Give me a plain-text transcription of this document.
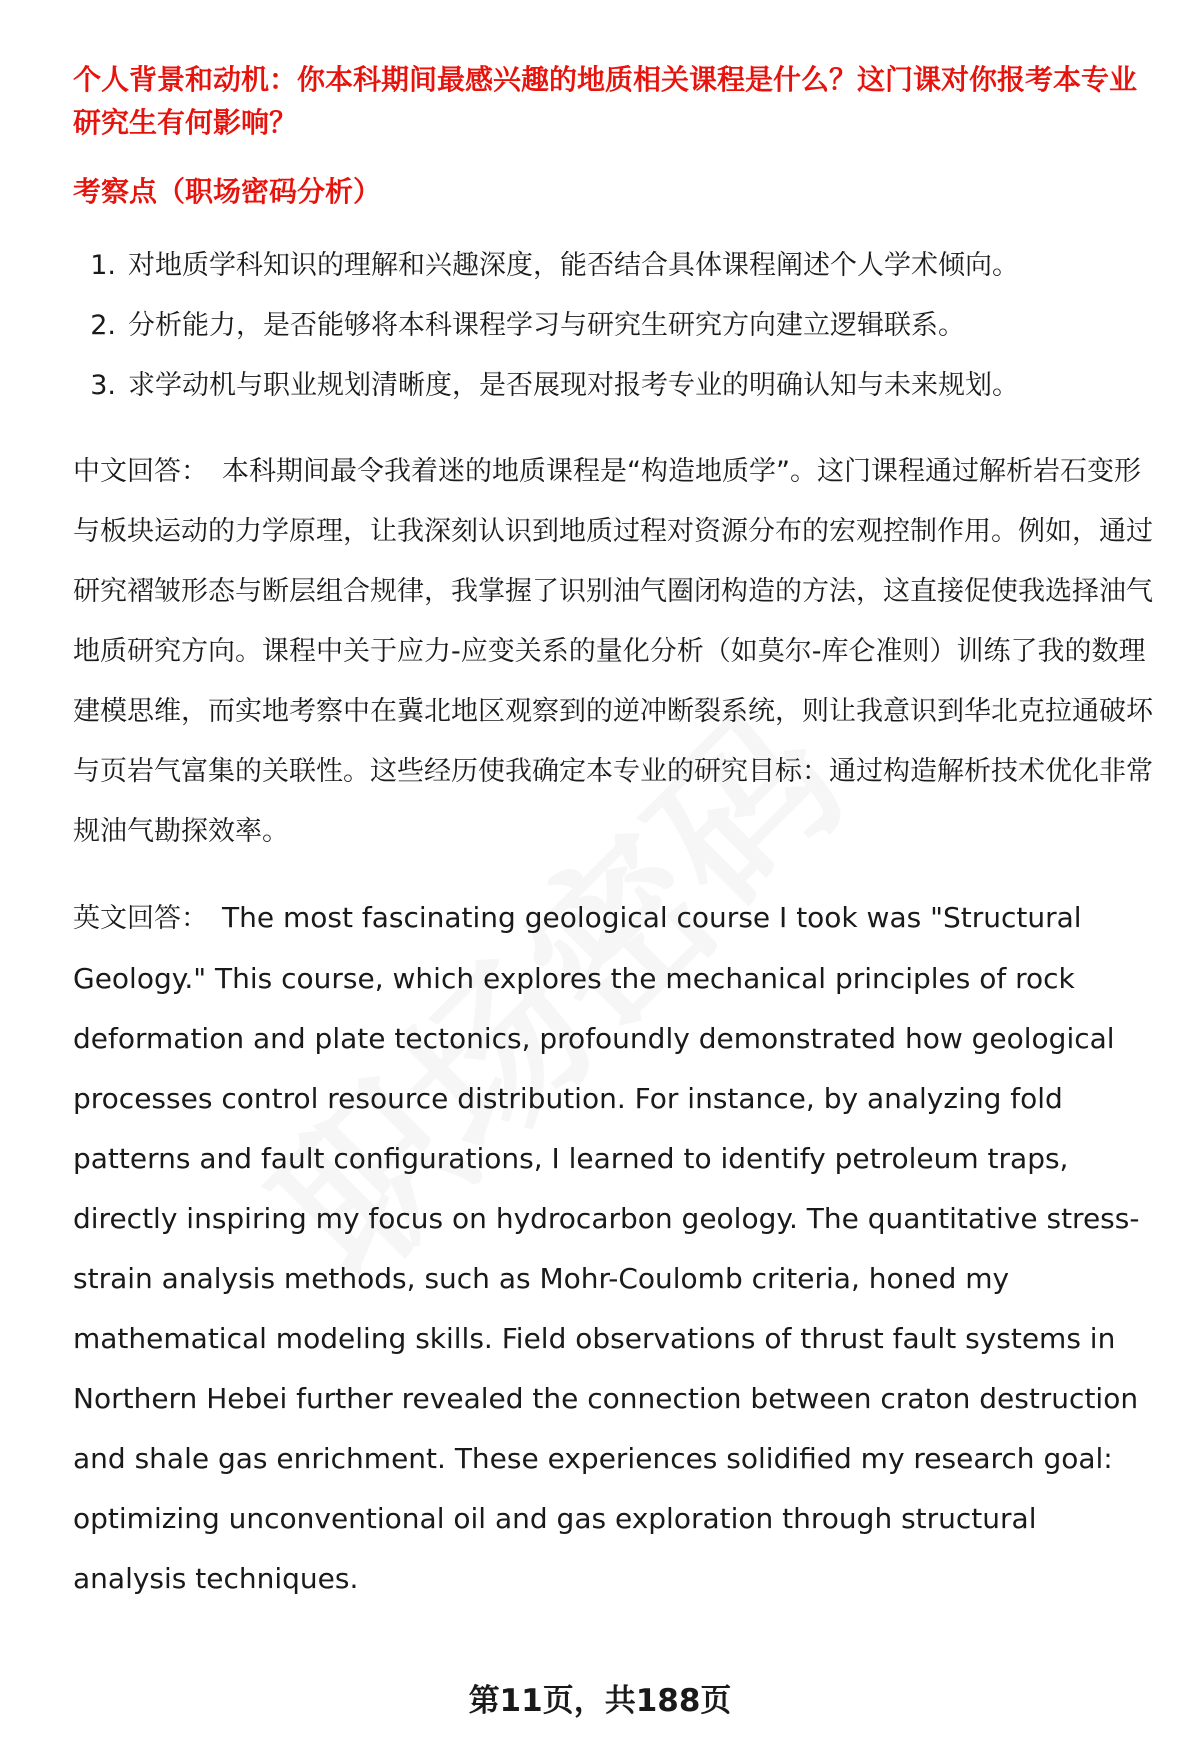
个人背景和动机：你本科期间最感兴趣的地质相关课程是什么？这门课对你报考本专业研究生有何影响？

考察点（职场密码分析）

1. 对地质学科知识的理解和兴趣深度，能否结合具体课程阐述个人学术倾向。
2. 分析能力，是否能够将本科课程学习与研究生研究方向建立逻辑联系。
3. 求学动机与职业规划清晰度，是否展现对报考专业的明确认知与未来规划。

中文回答： 本科期间最令我着迷的地质课程是“构造地质学”。这门课程通过解析岩石变形与板块运动的力学原理，让我深刻认识到地质过程对资源分布的宏观控制作用。例如，通过研究褶皱形态与断层组合规律，我掌握了识别油气圈闭构造的方法，这直接促使我选择油气地质研究方向。课程中关于应力-应变关系的量化分析（如莫尔-库仑准则）训练了我的数理建模思维，而实地考察中在冀北地区观察到的逆冲断裂系统，则让我意识到华北克拉通破坏与页岩气富集的关联性。这些经历使我确定本专业的研究目标：通过构造解析技术优化非常规油气勘探效率。

英文回答： The most fascinating geological course I took was "Structural Geology." This course, which explores the mechanical principles of rock deformation and plate tectonics, profoundly demonstrated how geological processes control resource distribution. For instance, by analyzing fold patterns and fault configurations, I learned to identify petroleum traps, directly inspiring my focus on hydrocarbon geology. The quantitative stress-strain analysis methods, such as Mohr-Coulomb criteria, honed my mathematical modeling skills. Field observations of thrust fault systems in Northern Hebei further revealed the connection between craton destruction and shale gas enrichment. These experiences solidified my research goal: optimizing unconventional oil and gas exploration through structural analysis techniques.

第11页，共188页
